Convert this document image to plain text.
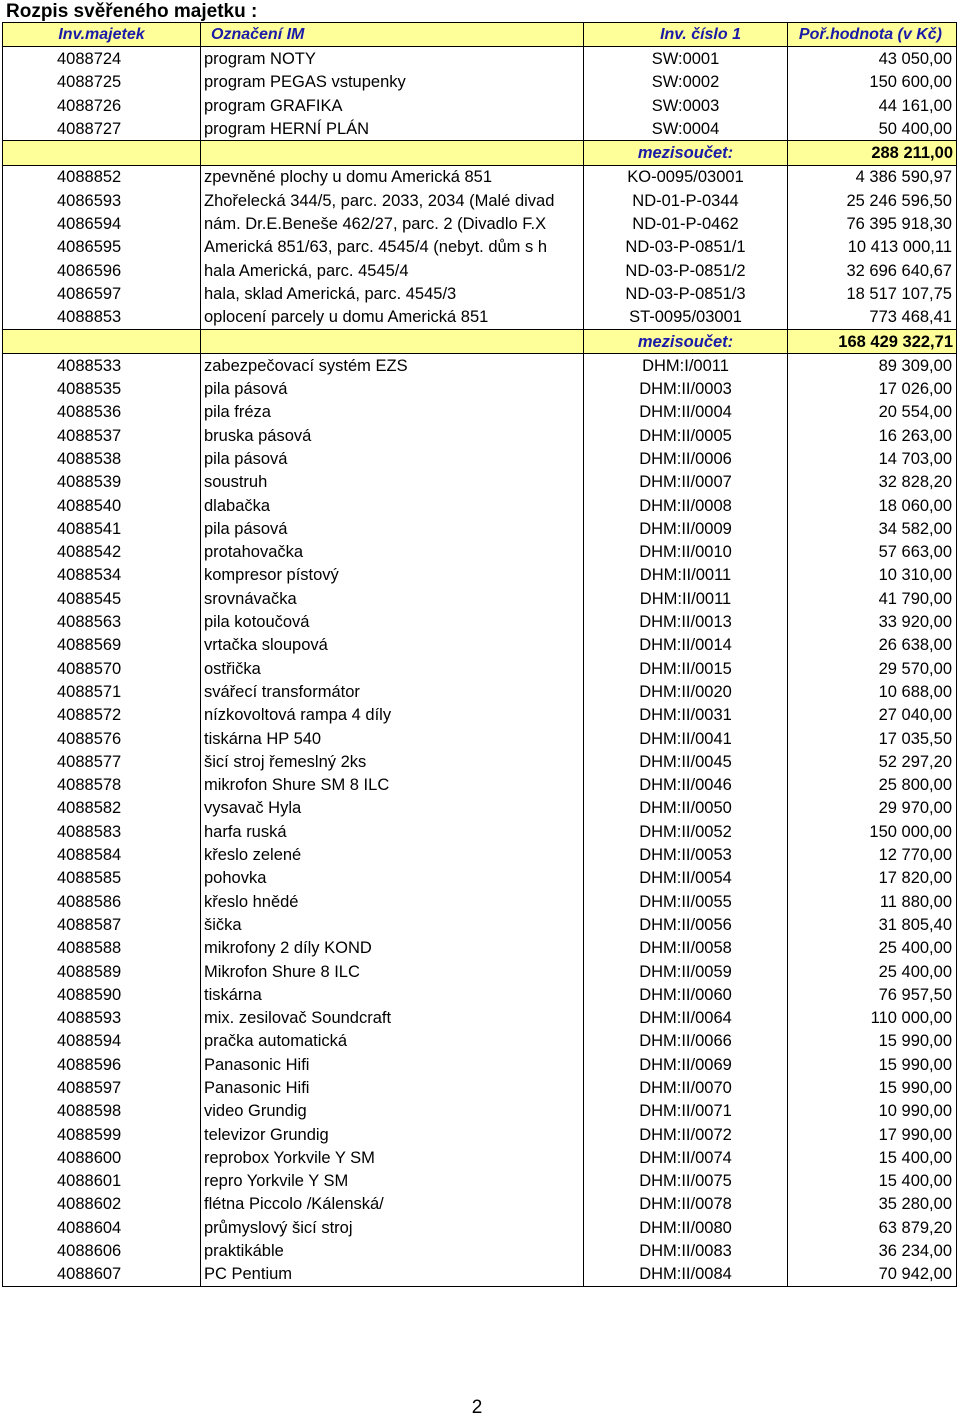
Rozpis svěřeného majetku :
Inv.majetek	Označení IM	Inv. číslo 1	Poř.hodnota (v Kč)
4088724	program NOTY	SW:0001	43 050,00
4088725	program PEGAS vstupenky	SW:0002	150 600,00
4088726	program GRAFIKA	SW:0003	44 161,00
4088727	program HERNÍ PLÁN	SW:0004	50 400,00
		mezisoučet:	288 211,00
4088852	zpevněné plochy u domu Americká 851	KO-0095/03001	4 386 590,97
4086593	Zhořelecká 344/5, parc. 2033, 2034 (Malé divad	ND-01-P-0344	25 246 596,50
4086594	nám. Dr.E.Beneše 462/27, parc. 2 (Divadlo F.X	ND-01-P-0462	76 395 918,30
4086595	Americká 851/63, parc. 4545/4 (nebyt. dům s h	ND-03-P-0851/1	10 413 000,11
4086596	hala Americká, parc. 4545/4	ND-03-P-0851/2	32 696 640,67
4086597	hala, sklad Americká, parc. 4545/3	ND-03-P-0851/3	18 517 107,75
4088853	oplocení parcely u domu Americká 851	ST-0095/03001	773 468,41
		mezisoučet:	168 429 322,71
4088533	zabezpečovací systém EZS	DHM:I/0011	89 309,00
4088535	pila pásová	DHM:II/0003	17 026,00
4088536	pila fréza	DHM:II/0004	20 554,00
4088537	bruska pásová	DHM:II/0005	16 263,00
4088538	pila pásová	DHM:II/0006	14 703,00
4088539	soustruh	DHM:II/0007	32 828,20
4088540	dlabačka	DHM:II/0008	18 060,00
4088541	pila pásová	DHM:II/0009	34 582,00
4088542	protahovačka	DHM:II/0010	57 663,00
4088534	kompresor pístový	DHM:II/0011	10 310,00
4088545	srovnávačka	DHM:II/0011	41 790,00
4088563	pila kotoučová	DHM:II/0013	33 920,00
4088569	vrtačka sloupová	DHM:II/0014	26 638,00
4088570	ostřička	DHM:II/0015	29 570,00
4088571	svářecí transformátor	DHM:II/0020	10 688,00
4088572	nízkovoltová rampa 4 díly	DHM:II/0031	27 040,00
4088576	tiskárna HP 540	DHM:II/0041	17 035,50
4088577	šicí stroj řemeslný 2ks	DHM:II/0045	52 297,20
4088578	mikrofon Shure SM 8 ILC	DHM:II/0046	25 800,00
4088582	vysavač Hyla	DHM:II/0050	29 970,00
4088583	harfa ruská	DHM:II/0052	150 000,00
4088584	křeslo zelené	DHM:II/0053	12 770,00
4088585	pohovka	DHM:II/0054	17 820,00
4088586	křeslo hnědé	DHM:II/0055	11 880,00
4088587	šička	DHM:II/0056	31 805,40
4088588	mikrofony 2 díly KOND	DHM:II/0058	25 400,00
4088589	Mikrofon Shure 8 ILC	DHM:II/0059	25 400,00
4088590	tiskárna	DHM:II/0060	76 957,50
4088593	mix. zesilovač Soundcraft	DHM:II/0064	110 000,00
4088594	pračka automatická	DHM:II/0066	15 990,00
4088596	Panasonic Hifi	DHM:II/0069	15 990,00
4088597	Panasonic Hifi	DHM:II/0070	15 990,00
4088598	video Grundig	DHM:II/0071	10 990,00
4088599	televizor Grundig	DHM:II/0072	17 990,00
4088600	reprobox Yorkvile Y SM	DHM:II/0074	15 400,00
4088601	repro Yorkvile Y SM	DHM:II/0075	15 400,00
4088602	flétna Piccolo /Kálenská/	DHM:II/0078	35 280,00
4088604	průmyslový šicí stroj	DHM:II/0080	63 879,20
4088606	praktikáble	DHM:II/0083	36 234,00
4088607	PC Pentium	DHM:II/0084	70 942,00
2
